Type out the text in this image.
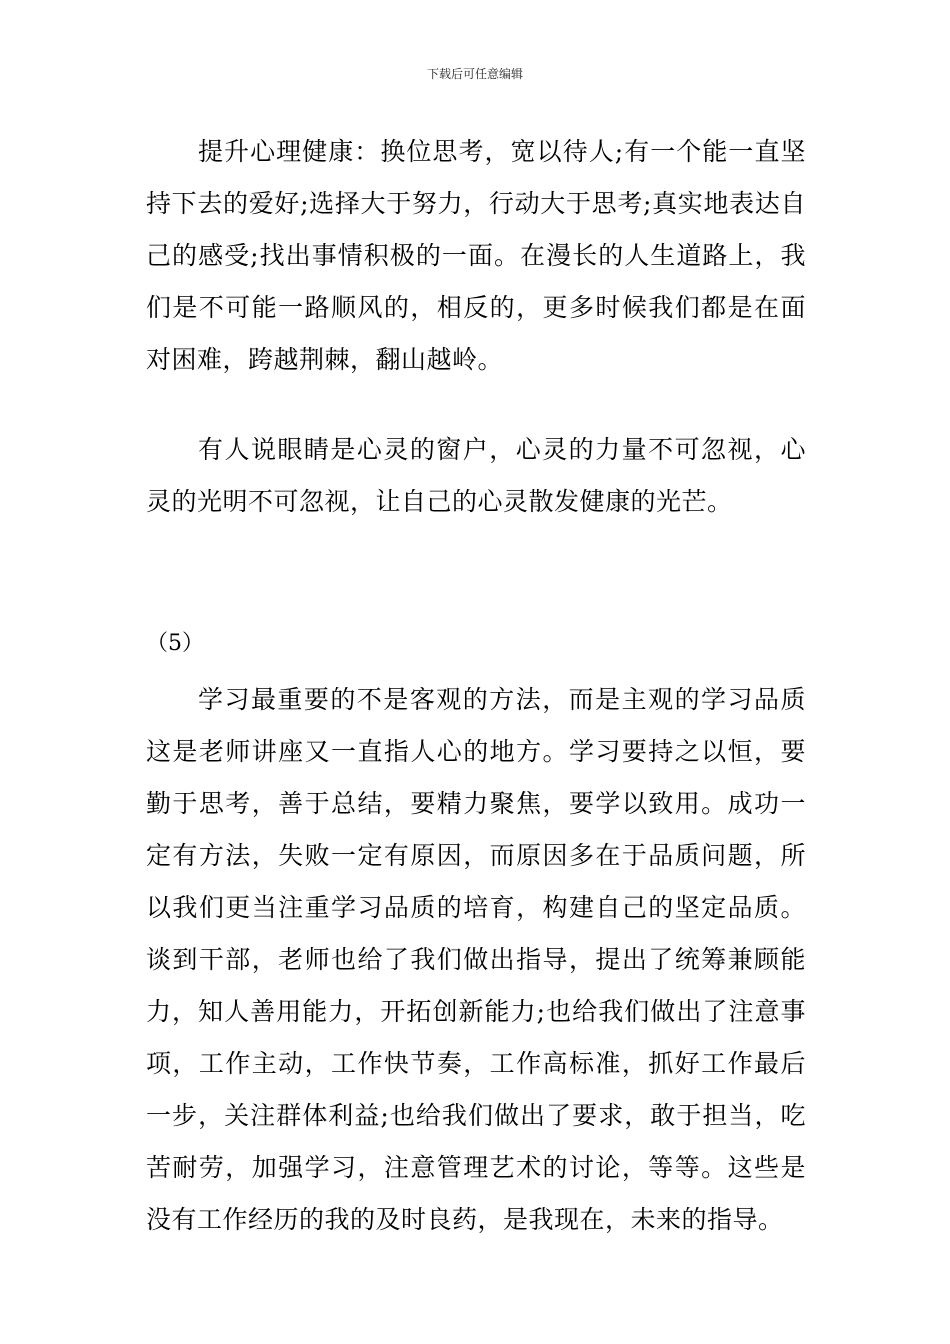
下载后可任意编辑

提升心理健康：换位思考，宽以待人;有一个能一直坚持下去的爱好;选择大于努力，行动大于思考;真实地表达自己的感受;找出事情积极的一面。在漫长的人生道路上，我们是不可能一路顺风的，相反的，更多时候我们都是在面对困难，跨越荆棘，翻山越岭。

有人说眼睛是心灵的窗户，心灵的力量不可忽视，心灵的光明不可忽视，让自己的心灵散发健康的光芒。

（5）

学习最重要的不是客观的方法，而是主观的学习品质这是老师讲座又一直指人心的地方。学习要持之以恒，要勤于思考，善于总结，要精力聚焦，要学以致用。成功一定有方法，失败一定有原因，而原因多在于品质问题，所以我们更当注重学习品质的培育，构建自己的坚定品质。谈到干部，老师也给了我们做出指导，提出了统筹兼顾能力，知人善用能力，开拓创新能力;也给我们做出了注意事项，工作主动，工作快节奏，工作高标准，抓好工作最后一步，关注群体利益;也给我们做出了要求，敢于担当，吃苦耐劳，加强学习，注意管理艺术的讨论，等等。这些是没有工作经历的我的及时良药，是我现在，未来的指导。
